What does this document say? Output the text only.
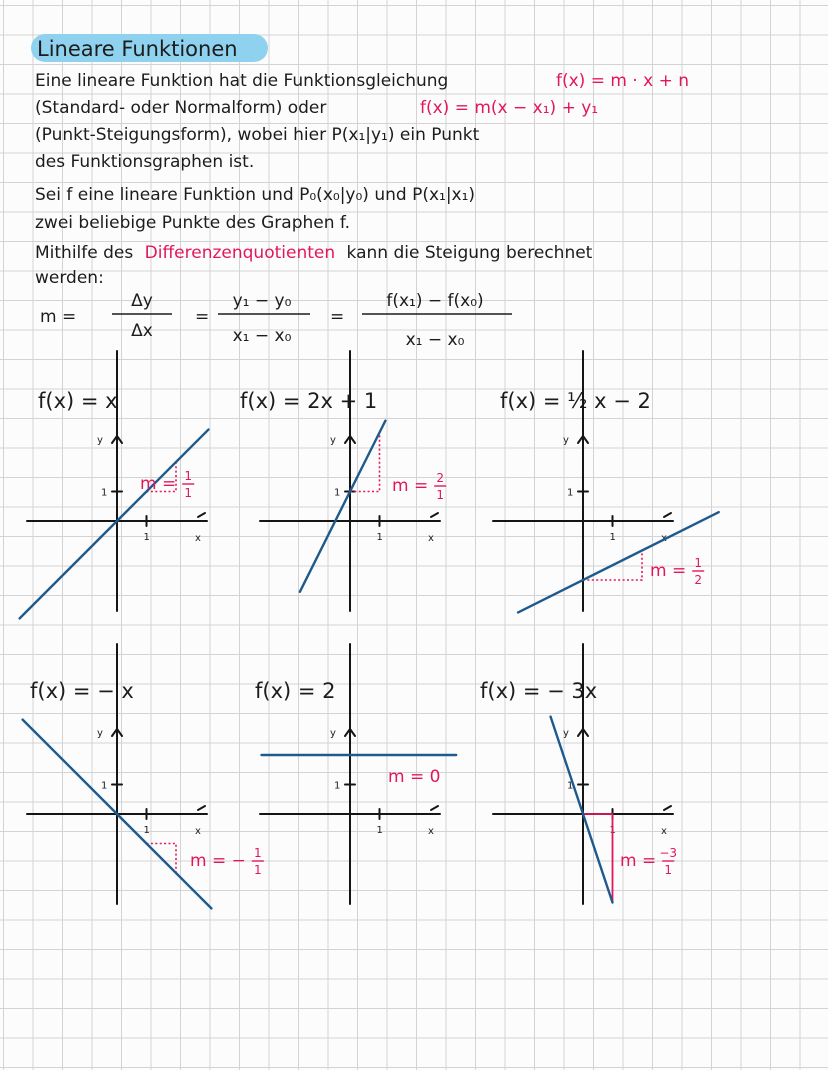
Lineare Funktionen
Eine lineare Funktion hat die Funktionsgleichung	f(x) = m · x + n
(Standard- oder Normalform) oder	f(x) = m(x − x₁) + y₁
(Punkt-Steigungsform), wobei hier P(x₁|y₁) ein Punkt
des Funktionsgraphen ist.
Sei f eine lineare Funktion und P₀(x₀|y₀) und P(x₁|x₁)
zwei beliebige Punkte des Graphen f.
Mithilfe des Differenzenquotienten kann die Steigung berechnet
werden:
m =
Δy
Δx
=
y₁ − y₀
x₁ − x₀
=
f(x₁) − f(x₀)
x₁ − x₀
f(x) = x
1
1
x
y
m = 1
1
f(x) = 2x + 1
1
1
x
y
m = 2
1
f(x) = ½ x − 2
1
1
x
y
m = 1
2
f(x) = − x
1
1
x
y
m = − 1
1
f(x) = 2
1
1
x
y
m = 0
f(x) = − 3x
1
1
x
y
m = −3
1
